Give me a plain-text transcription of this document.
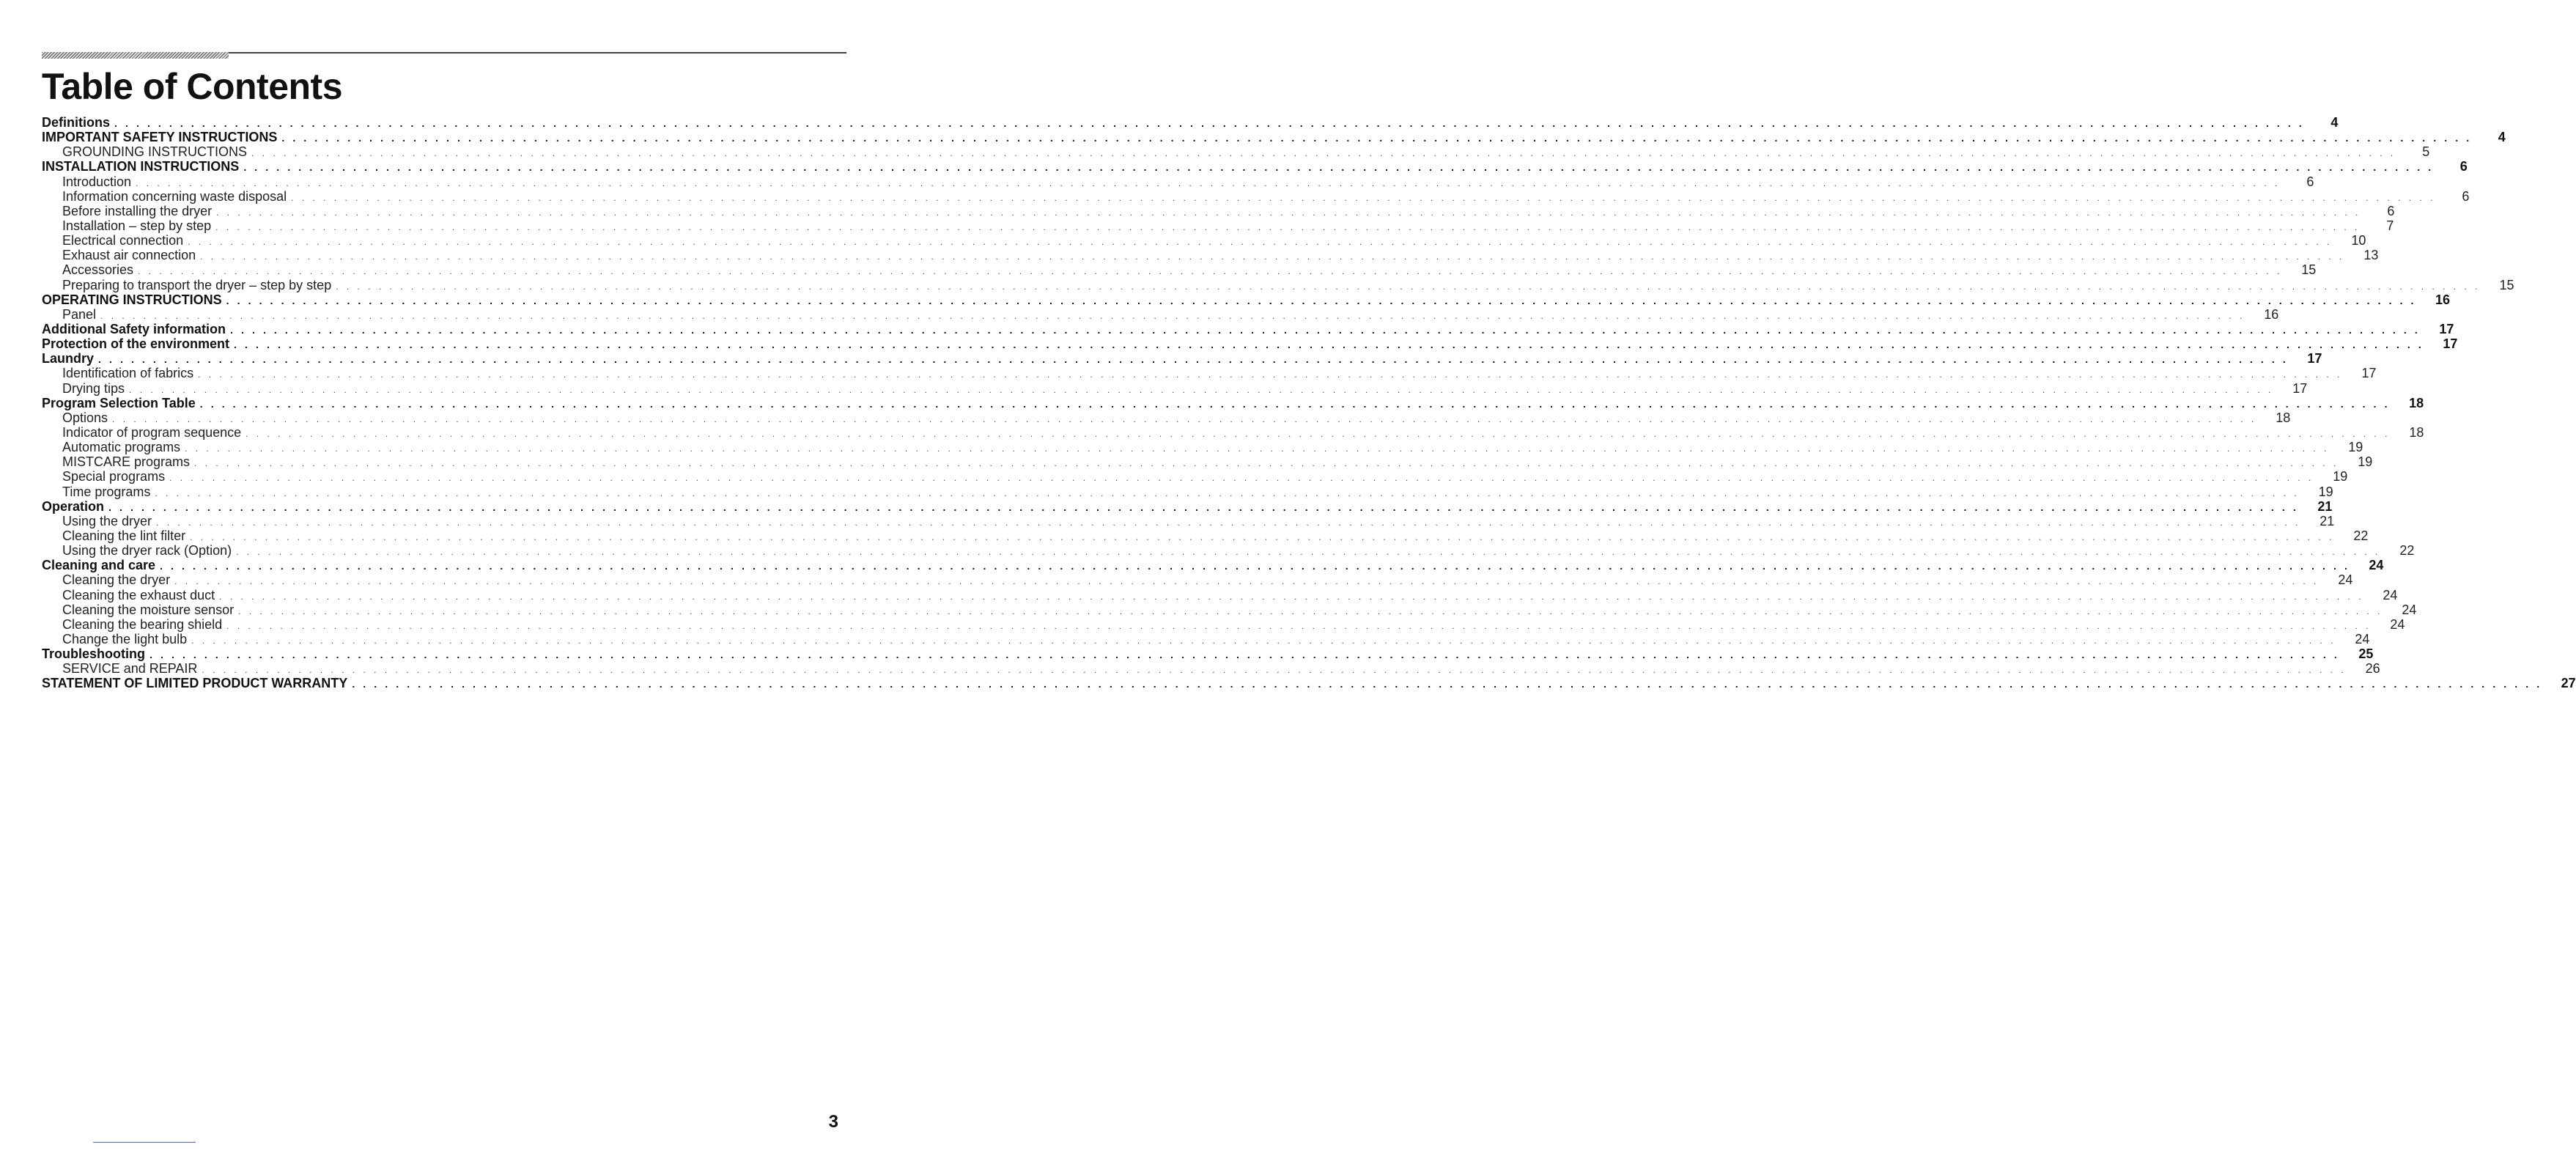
Table of Contents
Definitions . . . . . . . . . . . . . . . . . . . . . . . . . . . . . . . . . . . . . . . . . . . . . . . . . . . . . . . . . . . . . . . . . . . . . . . . . . . . . . . . . . . . . . . . . . . . . . . . . . . . . . . . . . . . . . . . . . . . . . . . . . . . . . . . . . . . . . . . . . . . . . . . . . . . . . . . . . . . . . . . . . . . . . . . . . . . . . . . . . . . . . . . . . . . . . . . . . . . . . . .	4
IMPORTANT SAFETY INSTRUCTIONS . . . . . . . . . . . . . . . . . . . . . . . . . . . . . . . . . . . . . . . . . . . . . . . . . . . . . . . . . . . . . . . . . . . . . . . . . . . . . . . . . . . . . . . . . . . . . . . . . . . . . . . . . . . . . . . . . . . . . . . . . . . . . . . . . . . . . . . . . . . . . . . . . . . . . . . . . . . . . . . . . . . . . . . . . . . . . . . . . . . . . . . . . . . . . . . . . . . . . . . .	4
GROUNDING INSTRUCTIONS . . . . . . . . . . . . . . . . . . . . . . . . . . . . . . . . . . . . . . . . . . . . . . . . . . . . . . . . . . . . . . . . . . . . . . . . . . . . . . . . . . . . . . . . . . . . . . . . . . . . . . . . . . . . . . . . . . . . . . . . . . . . . . . . . . . . . . . . . . . . . . . . . . . . . . . . . . . . . . . . . . . . . . . . . . . . . . . . . . . . . . . . . . . . . . . . . . . . . . . .	5
INSTALLATION INSTRUCTIONS . . . . . . . . . . . . . . . . . . . . . . . . . . . . . . . . . . . . . . . . . . . . . . . . . . . . . . . . . . . . . . . . . . . . . . . . . . . . . . . . . . . . . . . . . . . . . . . . . . . . . . . . . . . . . . . . . . . . . . . . . . . . . . . . . . . . . . . . . . . . . . . . . . . . . . . . . . . . . . . . . . . . . . . . . . . . . . . . . . . . . . . . . . . . . . . . . . . . . . . .	6
Introduction . . . . . . . . . . . . . . . . . . . . . . . . . . . . . . . . . . . . . . . . . . . . . . . . . . . . . . . . . . . . . . . . . . . . . . . . . . . . . . . . . . . . . . . . . . . . . . . . . . . . . . . . . . . . . . . . . . . . . . . . . . . . . . . . . . . . . . . . . . . . . . . . . . . . . . . . . . . . . . . . . . . . . . . . . . . . . . . . . . . . . . . . . . . . . . . . . . . . . . . .	6
Information concerning waste disposal . . . . . . . . . . . . . . . . . . . . . . . . . . . . . . . . . . . . . . . . . . . . . . . . . . . . . . . . . . . . . . . . . . . . . . . . . . . . . . . . . . . . . . . . . . . . . . . . . . . . . . . . . . . . . . . . . . . . . . . . . . . . . . . . . . . . . . . . . . . . . . . . . . . . . . . . . . . . . . . . . . . . . . . . . . . . . . . . . . . . . . . . . . . . . . . . . . . . . . . .	6
Before installing the dryer . . . . . . . . . . . . . . . . . . . . . . . . . . . . . . . . . . . . . . . . . . . . . . . . . . . . . . . . . . . . . . . . . . . . . . . . . . . . . . . . . . . . . . . . . . . . . . . . . . . . . . . . . . . . . . . . . . . . . . . . . . . . . . . . . . . . . . . . . . . . . . . . . . . . . . . . . . . . . . . . . . . . . . . . . . . . . . . . . . . . . . . . . . . . . . . . . . . . . . . .	6
Installation – step by step . . . . . . . . . . . . . . . . . . . . . . . . . . . . . . . . . . . . . . . . . . . . . . . . . . . . . . . . . . . . . . . . . . . . . . . . . . . . . . . . . . . . . . . . . . . . . . . . . . . . . . . . . . . . . . . . . . . . . . . . . . . . . . . . . . . . . . . . . . . . . . . . . . . . . . . . . . . . . . . . . . . . . . . . . . . . . . . . . . . . . . . . . . . . . . . . . . . . . . . .	7
Electrical connection . . . . . . . . . . . . . . . . . . . . . . . . . . . . . . . . . . . . . . . . . . . . . . . . . . . . . . . . . . . . . . . . . . . . . . . . . . . . . . . . . . . . . . . . . . . . . . . . . . . . . . . . . . . . . . . . . . . . . . . . . . . . . . . . . . . . . . . . . . . . . . . . . . . . . . . . . . . . . . . . . . . . . . . . . . . . . . . . . . . . . . . . . . . . . . . . . . . . . . . .	10
Exhaust air connection . . . . . . . . . . . . . . . . . . . . . . . . . . . . . . . . . . . . . . . . . . . . . . . . . . . . . . . . . . . . . . . . . . . . . . . . . . . . . . . . . . . . . . . . . . . . . . . . . . . . . . . . . . . . . . . . . . . . . . . . . . . . . . . . . . . . . . . . . . . . . . . . . . . . . . . . . . . . . . . . . . . . . . . . . . . . . . . . . . . . . . . . . . . . . . . . . . . . . . . .	13
Accessories . . . . . . . . . . . . . . . . . . . . . . . . . . . . . . . . . . . . . . . . . . . . . . . . . . . . . . . . . . . . . . . . . . . . . . . . . . . . . . . . . . . . . . . . . . . . . . . . . . . . . . . . . . . . . . . . . . . . . . . . . . . . . . . . . . . . . . . . . . . . . . . . . . . . . . . . . . . . . . . . . . . . . . . . . . . . . . . . . . . . . . . . . . . . . . . . . . . . . . . .	15
Preparing to transport the dryer – step by step . . . . . . . . . . . . . . . . . . . . . . . . . . . . . . . . . . . . . . . . . . . . . . . . . . . . . . . . . . . . . . . . . . . . . . . . . . . . . . . . . . . . . . . . . . . . . . . . . . . . . . . . . . . . . . . . . . . . . . . . . . . . . . . . . . . . . . . . . . . . . . . . . . . . . . . . . . . . . . . . . . . . . . . . . . . . . . . . . . . . . . . . . . . . . . . . . . . . . . . .	15
OPERATING INSTRUCTIONS . . . . . . . . . . . . . . . . . . . . . . . . . . . . . . . . . . . . . . . . . . . . . . . . . . . . . . . . . . . . . . . . . . . . . . . . . . . . . . . . . . . . . . . . . . . . . . . . . . . . . . . . . . . . . . . . . . . . . . . . . . . . . . . . . . . . . . . . . . . . . . . . . . . . . . . . . . . . . . . . . . . . . . . . . . . . . . . . . . . . . . . . . . . . . . . . . . . . . . . .	16
Panel . . . . . . . . . . . . . . . . . . . . . . . . . . . . . . . . . . . . . . . . . . . . . . . . . . . . . . . . . . . . . . . . . . . . . . . . . . . . . . . . . . . . . . . . . . . . . . . . . . . . . . . . . . . . . . . . . . . . . . . . . . . . . . . . . . . . . . . . . . . . . . . . . . . . . . . . . . . . . . . . . . . . . . . . . . . . . . . . . . . . . . . . . . . . . . . . . . . . . . . .	16
Additional Safety information . . . . . . . . . . . . . . . . . . . . . . . . . . . . . . . . . . . . . . . . . . . . . . . . . . . . . . . . . . . . . . . . . . . . . . . . . . . . . . . . . . . . . . . . . . . . . . . . . . . . . . . . . . . . . . . . . . . . . . . . . . . . . . . . . . . . . . . . . . . . . . . . . . . . . . . . . . . . . . . . . . . . . . . . . . . . . . . . . . . . . . . . . . . . . . . . . . . . . . . .	17
Protection of the environment . . . . . . . . . . . . . . . . . . . . . . . . . . . . . . . . . . . . . . . . . . . . . . . . . . . . . . . . . . . . . . . . . . . . . . . . . . . . . . . . . . . . . . . . . . . . . . . . . . . . . . . . . . . . . . . . . . . . . . . . . . . . . . . . . . . . . . . . . . . . . . . . . . . . . . . . . . . . . . . . . . . . . . . . . . . . . . . . . . . . . . . . . . . . . . . . . . . . . . . .	17
Laundry . . . . . . . . . . . . . . . . . . . . . . . . . . . . . . . . . . . . . . . . . . . . . . . . . . . . . . . . . . . . . . . . . . . . . . . . . . . . . . . . . . . . . . . . . . . . . . . . . . . . . . . . . . . . . . . . . . . . . . . . . . . . . . . . . . . . . . . . . . . . . . . . . . . . . . . . . . . . . . . . . . . . . . . . . . . . . . . . . . . . . . . . . . . . . . . . . . . . . . . .	17
Identification of fabrics . . . . . . . . . . . . . . . . . . . . . . . . . . . . . . . . . . . . . . . . . . . . . . . . . . . . . . . . . . . . . . . . . . . . . . . . . . . . . . . . . . . . . . . . . . . . . . . . . . . . . . . . . . . . . . . . . . . . . . . . . . . . . . . . . . . . . . . . . . . . . . . . . . . . . . . . . . . . . . . . . . . . . . . . . . . . . . . . . . . . . . . . . . . . . . . . . . . . . . . .	17
Drying tips . . . . . . . . . . . . . . . . . . . . . . . . . . . . . . . . . . . . . . . . . . . . . . . . . . . . . . . . . . . . . . . . . . . . . . . . . . . . . . . . . . . . . . . . . . . . . . . . . . . . . . . . . . . . . . . . . . . . . . . . . . . . . . . . . . . . . . . . . . . . . . . . . . . . . . . . . . . . . . . . . . . . . . . . . . . . . . . . . . . . . . . . . . . . . . . . . . . . . . . .	17
Program Selection Table . . . . . . . . . . . . . . . . . . . . . . . . . . . . . . . . . . . . . . . . . . . . . . . . . . . . . . . . . . . . . . . . . . . . . . . . . . . . . . . . . . . . . . . . . . . . . . . . . . . . . . . . . . . . . . . . . . . . . . . . . . . . . . . . . . . . . . . . . . . . . . . . . . . . . . . . . . . . . . . . . . . . . . . . . . . . . . . . . . . . . . . . . . . . . . . . . . . . . . . .	18
Options . . . . . . . . . . . . . . . . . . . . . . . . . . . . . . . . . . . . . . . . . . . . . . . . . . . . . . . . . . . . . . . . . . . . . . . . . . . . . . . . . . . . . . . . . . . . . . . . . . . . . . . . . . . . . . . . . . . . . . . . . . . . . . . . . . . . . . . . . . . . . . . . . . . . . . . . . . . . . . . . . . . . . . . . . . . . . . . . . . . . . . . . . . . . . . . . . . . . . . . .	18
Indicator of program sequence . . . . . . . . . . . . . . . . . . . . . . . . . . . . . . . . . . . . . . . . . . . . . . . . . . . . . . . . . . . . . . . . . . . . . . . . . . . . . . . . . . . . . . . . . . . . . . . . . . . . . . . . . . . . . . . . . . . . . . . . . . . . . . . . . . . . . . . . . . . . . . . . . . . . . . . . . . . . . . . . . . . . . . . . . . . . . . . . . . . . . . . . . . . . . . . . . . . . . . . .	18
Automatic programs . . . . . . . . . . . . . . . . . . . . . . . . . . . . . . . . . . . . . . . . . . . . . . . . . . . . . . . . . . . . . . . . . . . . . . . . . . . . . . . . . . . . . . . . . . . . . . . . . . . . . . . . . . . . . . . . . . . . . . . . . . . . . . . . . . . . . . . . . . . . . . . . . . . . . . . . . . . . . . . . . . . . . . . . . . . . . . . . . . . . . . . . . . . . . . . . . . . . . . . .	19
MISTCARE programs . . . . . . . . . . . . . . . . . . . . . . . . . . . . . . . . . . . . . . . . . . . . . . . . . . . . . . . . . . . . . . . . . . . . . . . . . . . . . . . . . . . . . . . . . . . . . . . . . . . . . . . . . . . . . . . . . . . . . . . . . . . . . . . . . . . . . . . . . . . . . . . . . . . . . . . . . . . . . . . . . . . . . . . . . . . . . . . . . . . . . . . . . . . . . . . . . . . . . . . .	19
Special programs . . . . . . . . . . . . . . . . . . . . . . . . . . . . . . . . . . . . . . . . . . . . . . . . . . . . . . . . . . . . . . . . . . . . . . . . . . . . . . . . . . . . . . . . . . . . . . . . . . . . . . . . . . . . . . . . . . . . . . . . . . . . . . . . . . . . . . . . . . . . . . . . . . . . . . . . . . . . . . . . . . . . . . . . . . . . . . . . . . . . . . . . . . . . . . . . . . . . . . . .	19
Time programs . . . . . . . . . . . . . . . . . . . . . . . . . . . . . . . . . . . . . . . . . . . . . . . . . . . . . . . . . . . . . . . . . . . . . . . . . . . . . . . . . . . . . . . . . . . . . . . . . . . . . . . . . . . . . . . . . . . . . . . . . . . . . . . . . . . . . . . . . . . . . . . . . . . . . . . . . . . . . . . . . . . . . . . . . . . . . . . . . . . . . . . . . . . . . . . . . . . . . . . .	19
Operation . . . . . . . . . . . . . . . . . . . . . . . . . . . . . . . . . . . . . . . . . . . . . . . . . . . . . . . . . . . . . . . . . . . . . . . . . . . . . . . . . . . . . . . . . . . . . . . . . . . . . . . . . . . . . . . . . . . . . . . . . . . . . . . . . . . . . . . . . . . . . . . . . . . . . . . . . . . . . . . . . . . . . . . . . . . . . . . . . . . . . . . . . . . . . . . . . . . . . . . .	21
Using the dryer . . . . . . . . . . . . . . . . . . . . . . . . . . . . . . . . . . . . . . . . . . . . . . . . . . . . . . . . . . . . . . . . . . . . . . . . . . . . . . . . . . . . . . . . . . . . . . . . . . . . . . . . . . . . . . . . . . . . . . . . . . . . . . . . . . . . . . . . . . . . . . . . . . . . . . . . . . . . . . . . . . . . . . . . . . . . . . . . . . . . . . . . . . . . . . . . . . . . . . . .	21
Cleaning the lint filter . . . . . . . . . . . . . . . . . . . . . . . . . . . . . . . . . . . . . . . . . . . . . . . . . . . . . . . . . . . . . . . . . . . . . . . . . . . . . . . . . . . . . . . . . . . . . . . . . . . . . . . . . . . . . . . . . . . . . . . . . . . . . . . . . . . . . . . . . . . . . . . . . . . . . . . . . . . . . . . . . . . . . . . . . . . . . . . . . . . . . . . . . . . . . . . . . . . . . . . .	22
Using the dryer rack (Option) . . . . . . . . . . . . . . . . . . . . . . . . . . . . . . . . . . . . . . . . . . . . . . . . . . . . . . . . . . . . . . . . . . . . . . . . . . . . . . . . . . . . . . . . . . . . . . . . . . . . . . . . . . . . . . . . . . . . . . . . . . . . . . . . . . . . . . . . . . . . . . . . . . . . . . . . . . . . . . . . . . . . . . . . . . . . . . . . . . . . . . . . . . . . . . . . . . . . . . . .	22
Cleaning and care . . . . . . . . . . . . . . . . . . . . . . . . . . . . . . . . . . . . . . . . . . . . . . . . . . . . . . . . . . . . . . . . . . . . . . . . . . . . . . . . . . . . . . . . . . . . . . . . . . . . . . . . . . . . . . . . . . . . . . . . . . . . . . . . . . . . . . . . . . . . . . . . . . . . . . . . . . . . . . . . . . . . . . . . . . . . . . . . . . . . . . . . . . . . . . . . . . . . . . . .	24
Cleaning the dryer . . . . . . . . . . . . . . . . . . . . . . . . . . . . . . . . . . . . . . . . . . . . . . . . . . . . . . . . . . . . . . . . . . . . . . . . . . . . . . . . . . . . . . . . . . . . . . . . . . . . . . . . . . . . . . . . . . . . . . . . . . . . . . . . . . . . . . . . . . . . . . . . . . . . . . . . . . . . . . . . . . . . . . . . . . . . . . . . . . . . . . . . . . . . . . . . . . . . . . . .	24
Cleaning the exhaust duct . . . . . . . . . . . . . . . . . . . . . . . . . . . . . . . . . . . . . . . . . . . . . . . . . . . . . . . . . . . . . . . . . . . . . . . . . . . . . . . . . . . . . . . . . . . . . . . . . . . . . . . . . . . . . . . . . . . . . . . . . . . . . . . . . . . . . . . . . . . . . . . . . . . . . . . . . . . . . . . . . . . . . . . . . . . . . . . . . . . . . . . . . . . . . . . . . . . . . . . .	24
Cleaning the moisture sensor . . . . . . . . . . . . . . . . . . . . . . . . . . . . . . . . . . . . . . . . . . . . . . . . . . . . . . . . . . . . . . . . . . . . . . . . . . . . . . . . . . . . . . . . . . . . . . . . . . . . . . . . . . . . . . . . . . . . . . . . . . . . . . . . . . . . . . . . . . . . . . . . . . . . . . . . . . . . . . . . . . . . . . . . . . . . . . . . . . . . . . . . . . . . . . . . . . . . . . . .	24
Cleaning the bearing shield . . . . . . . . . . . . . . . . . . . . . . . . . . . . . . . . . . . . . . . . . . . . . . . . . . . . . . . . . . . . . . . . . . . . . . . . . . . . . . . . . . . . . . . . . . . . . . . . . . . . . . . . . . . . . . . . . . . . . . . . . . . . . . . . . . . . . . . . . . . . . . . . . . . . . . . . . . . . . . . . . . . . . . . . . . . . . . . . . . . . . . . . . . . . . . . . . . . . . . . .	24
Change the light bulb . . . . . . . . . . . . . . . . . . . . . . . . . . . . . . . . . . . . . . . . . . . . . . . . . . . . . . . . . . . . . . . . . . . . . . . . . . . . . . . . . . . . . . . . . . . . . . . . . . . . . . . . . . . . . . . . . . . . . . . . . . . . . . . . . . . . . . . . . . . . . . . . . . . . . . . . . . . . . . . . . . . . . . . . . . . . . . . . . . . . . . . . . . . . . . . . . . . . . . . .	24
Troubleshooting . . . . . . . . . . . . . . . . . . . . . . . . . . . . . . . . . . . . . . . . . . . . . . . . . . . . . . . . . . . . . . . . . . . . . . . . . . . . . . . . . . . . . . . . . . . . . . . . . . . . . . . . . . . . . . . . . . . . . . . . . . . . . . . . . . . . . . . . . . . . . . . . . . . . . . . . . . . . . . . . . . . . . . . . . . . . . . . . . . . . . . . . . . . . . . . . . . . . . . . .	25
SERVICE and REPAIR . . . . . . . . . . . . . . . . . . . . . . . . . . . . . . . . . . . . . . . . . . . . . . . . . . . . . . . . . . . . . . . . . . . . . . . . . . . . . . . . . . . . . . . . . . . . . . . . . . . . . . . . . . . . . . . . . . . . . . . . . . . . . . . . . . . . . . . . . . . . . . . . . . . . . . . . . . . . . . . . . . . . . . . . . . . . . . . . . . . . . . . . . . . . . . . . . . . . . . . .	26
STATEMENT OF LIMITED PRODUCT WARRANTY . . . . . . . . . . . . . . . . . . . . . . . . . . . . . . . . . . . . . . . . . . . . . . . . . . . . . . . . . . . . . . . . . . . . . . . . . . . . . . . . . . . . . . . . . . . . . . . . . . . . . . . . . . . . . . . . . . . . . . . . . . . . . . . . . . . . . . . . . . . . . . . . . . . . . . . . . . . . . . . . . . . . . . . . . . . . . . . . . . . . . . . . . . . . . . . . . . . . . . . .	27
3
